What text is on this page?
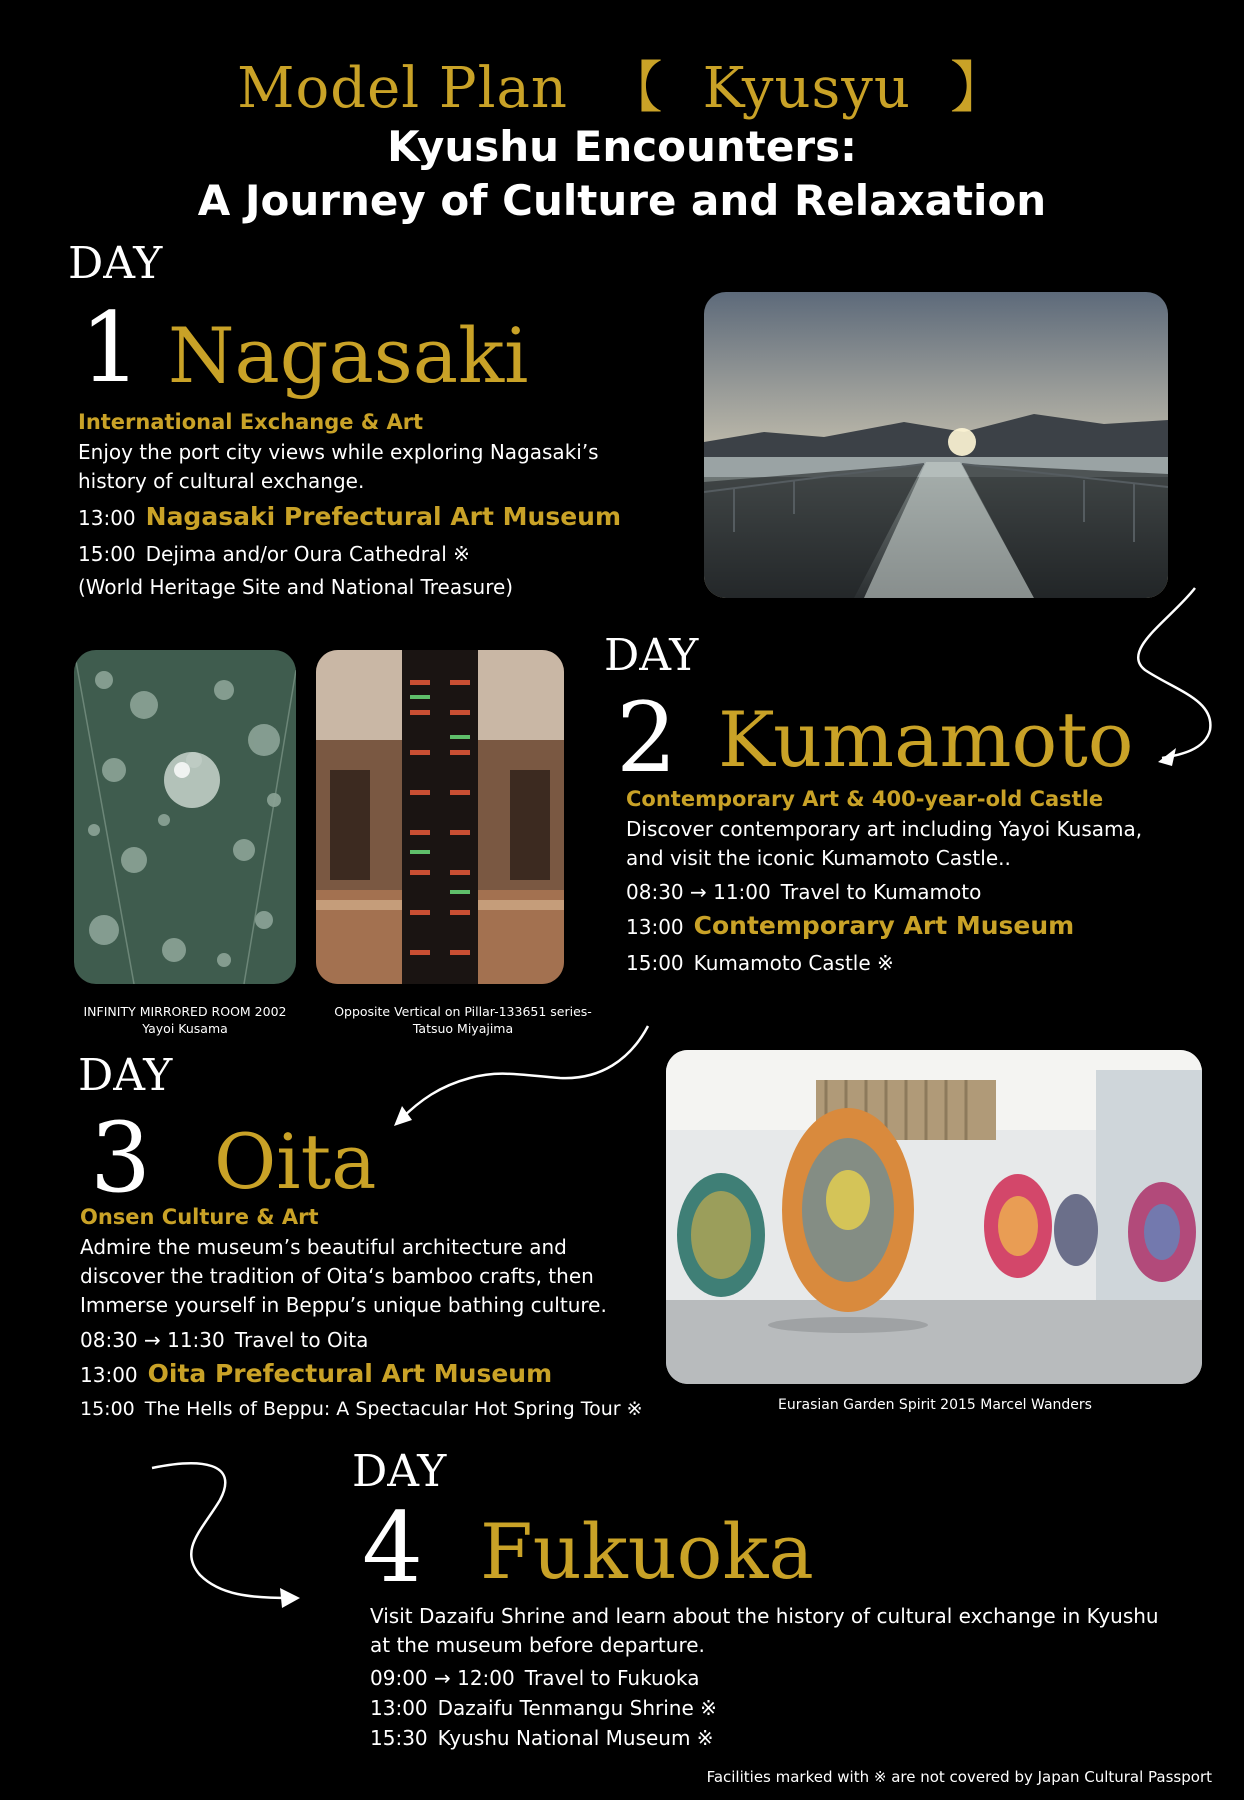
Model Plan 【 Kyusyu 】
Kyushu Encounters:
A Journey of Culture and Relaxation
DAY
1 Nagasaki
International Exchange & Art
Enjoy the port city views while exploring Nagasaki’s
history of cultural exchange.
13:00 Nagasaki Prefectural Art Museum
15:00 Dejima and/or Oura Cathedral ※
(World Heritage Site and National Treasure)
INFINITY MIRRORED ROOM 2002
Yayoi Kusama
Opposite Vertical on Pillar-133651 series-
Tatsuo Miyajima
DAY
2 Kumamoto
Contemporary Art & 400-year-old Castle
Discover contemporary art including Yayoi Kusama,
and visit the iconic Kumamoto Castle..
08:30 → 11:00 Travel to Kumamoto
13:00 Contemporary Art Museum
15:00 Kumamoto Castle ※
DAY
3 Oita
Onsen Culture & Art
Admire the museum’s beautiful architecture and
discover the tradition of Oita‘s bamboo crafts, then
Immerse yourself in Beppu’s unique bathing culture.
08:30 → 11:30 Travel to Oita
13:00 Oita Prefectural Art Museum
15:00 The Hells of Beppu: A Spectacular Hot Spring Tour ※	Eurasian Garden Spirit 2015 Marcel Wanders
DAY
4 Fukuoka
Visit Dazaifu Shrine and learn about the history of cultural exchange in Kyushu
at the museum before departure.
09:00 → 12:00 Travel to Fukuoka
13:00 Dazaifu Tenmangu Shrine ※
15:30 Kyushu National Museum ※
Facilities marked with ※ are not covered by Japan Cultural Passport
